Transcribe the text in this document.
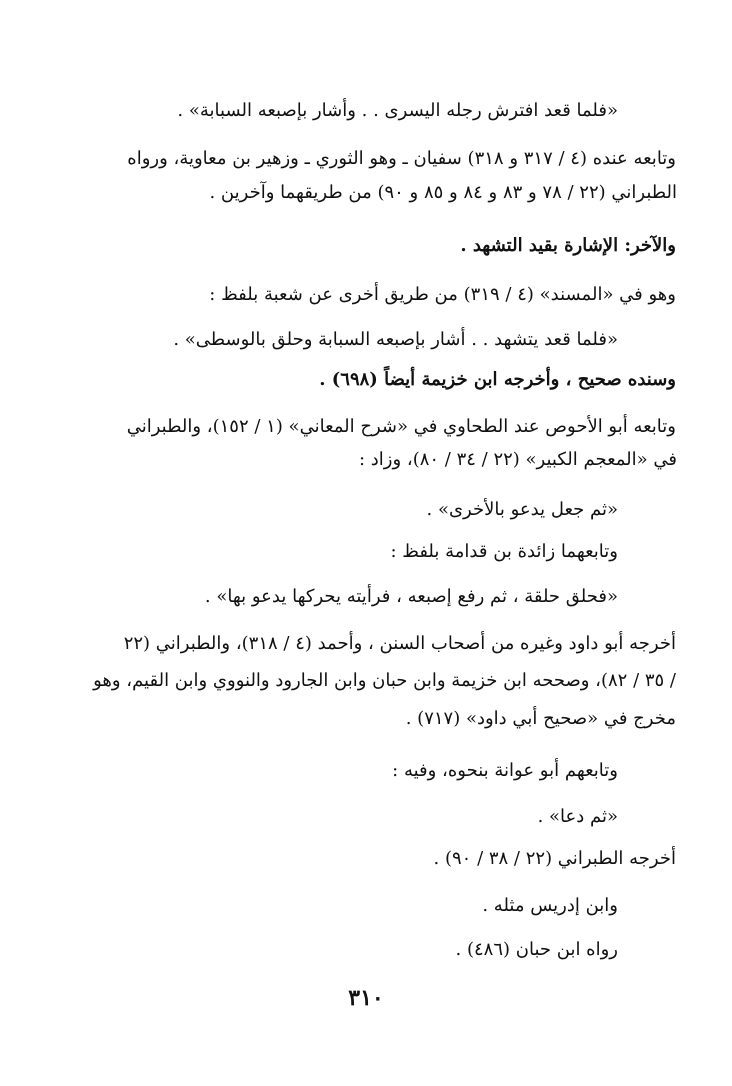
«فلما قعد افترش رجله اليسرى . . وأشار بإصبعه السبابة» .
وتابعه عنده (٤ / ٣١٧ و ٣١٨) سفيان ـ وهو الثوري ـ وزهير بن معاوية، ورواه
الطبراني (٢٢ / ٧٨ و ٨٣ و ٨٤ و ٨٥ و ٩٠) من طريقهما وآخرين .
والآخر: الإشارة بقيد التشهد .
وهو في «المسند» (٤ / ٣١٩) من طريق أخرى عن شعبة بلفظ :
«فلما قعد يتشهد . . أشار بإصبعه السبابة وحلق بالوسطى» .
وسنده صحيح ، وأخرجه ابن خزيمة أيضاً (٦٩٨) .
وتابعه أبو الأحوص عند الطحاوي في «شرح المعاني» (١ / ١٥٢)، والطبراني
في «المعجم الكبير» (٢٢ / ٣٤ / ٨٠)، وزاد :
«ثم جعل يدعو بالأخرى» .
وتابعهما زائدة بن قدامة بلفظ :
«فحلق حلقة ، ثم رفع إصبعه ، فرأيته يحركها يدعو بها» .
أخرجه أبو داود وغيره من أصحاب السنن ، وأحمد (٤ / ٣١٨)، والطبراني (٢٢
/ ٣٥ / ٨٢)، وصححه ابن خزيمة وابن حبان وابن الجارود والنووي وابن القيم، وهو
مخرج في «صحيح أبي داود» (٧١٧) .
وتابعهم أبو عوانة بنحوه، وفيه :
«ثم دعا» .
أخرجه الطبراني (٢٢ / ٣٨ / ٩٠) .
وابن إدريس مثله .
رواه ابن حبان (٤٨٦) .
٣١٠
